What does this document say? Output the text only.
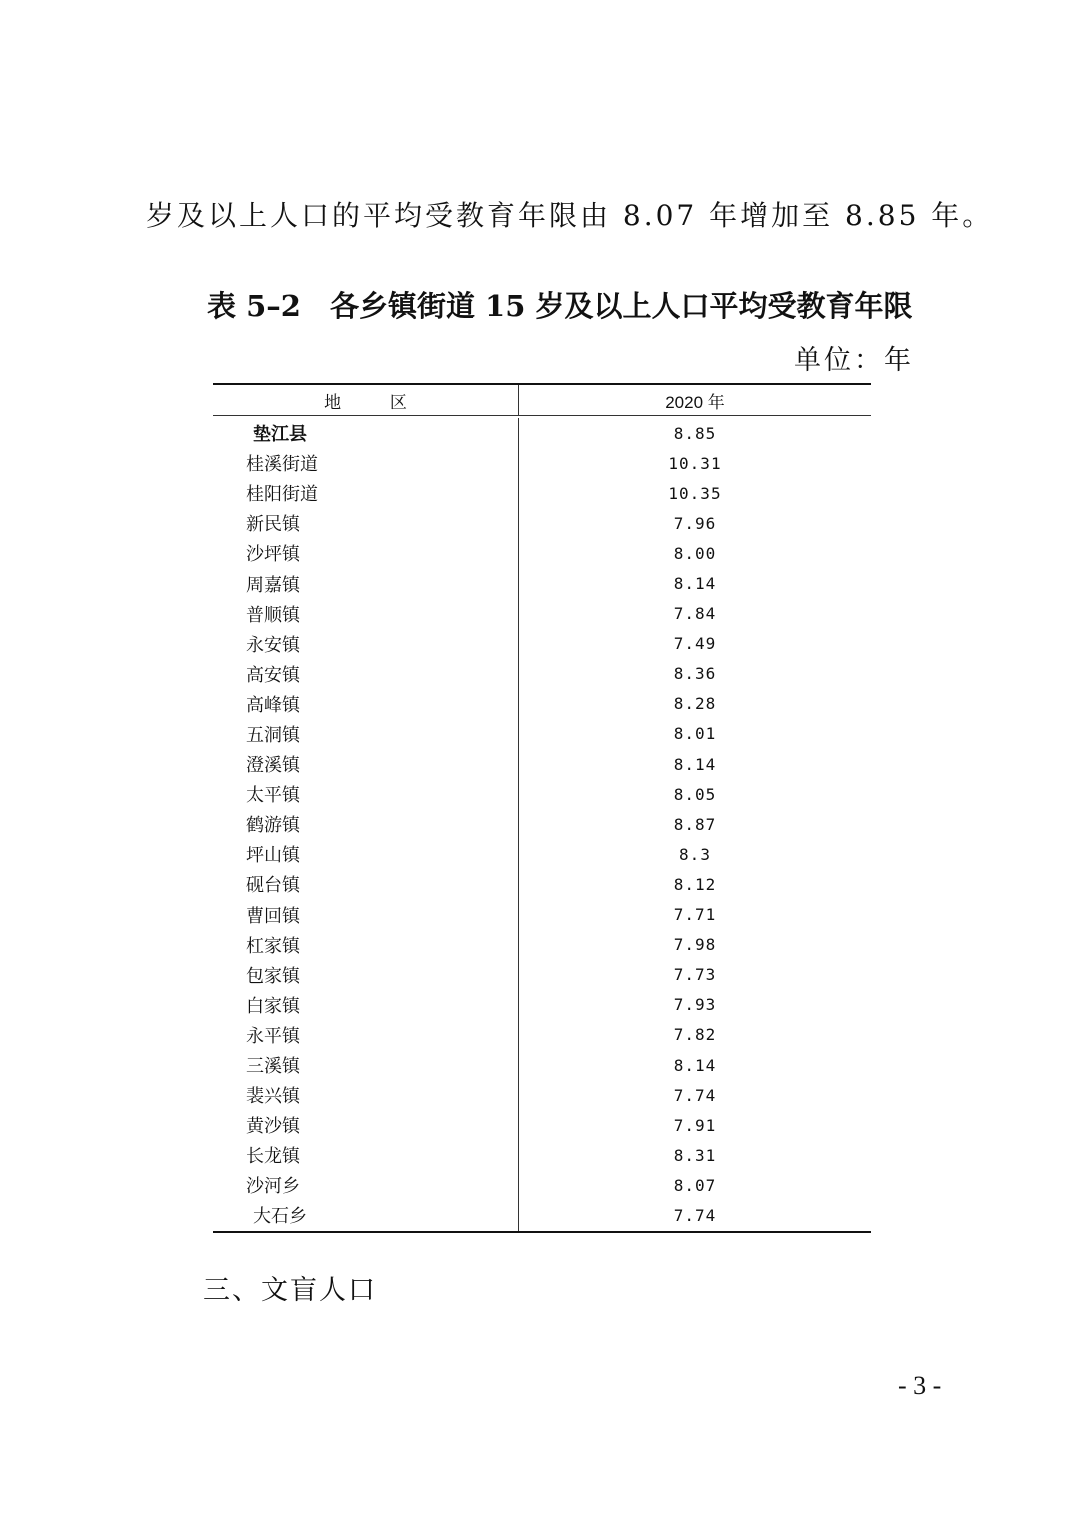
岁及以上人口的平均受教育年限由 8.07 年增加至 8.85 年。
表 5–2　各乡镇街道 15 岁及以上人口平均受教育年限
单位：年
地 区	2020 年
垫江县	8.85
桂溪街道	10.31
桂阳街道	10.35
新民镇	7.96
沙坪镇	8.00
周嘉镇	8.14
普顺镇	7.84
永安镇	7.49
高安镇	8.36
高峰镇	8.28
五洞镇	8.01
澄溪镇	8.14
太平镇	8.05
鹤游镇	8.87
坪山镇	8.3
砚台镇	8.12
曹回镇	7.71
杠家镇	7.98
包家镇	7.73
白家镇	7.93
永平镇	7.82
三溪镇	8.14
裴兴镇	7.74
黄沙镇	7.91
长龙镇	8.31
沙河乡	8.07
大石乡	7.74
三、文盲人口
- 3 -
